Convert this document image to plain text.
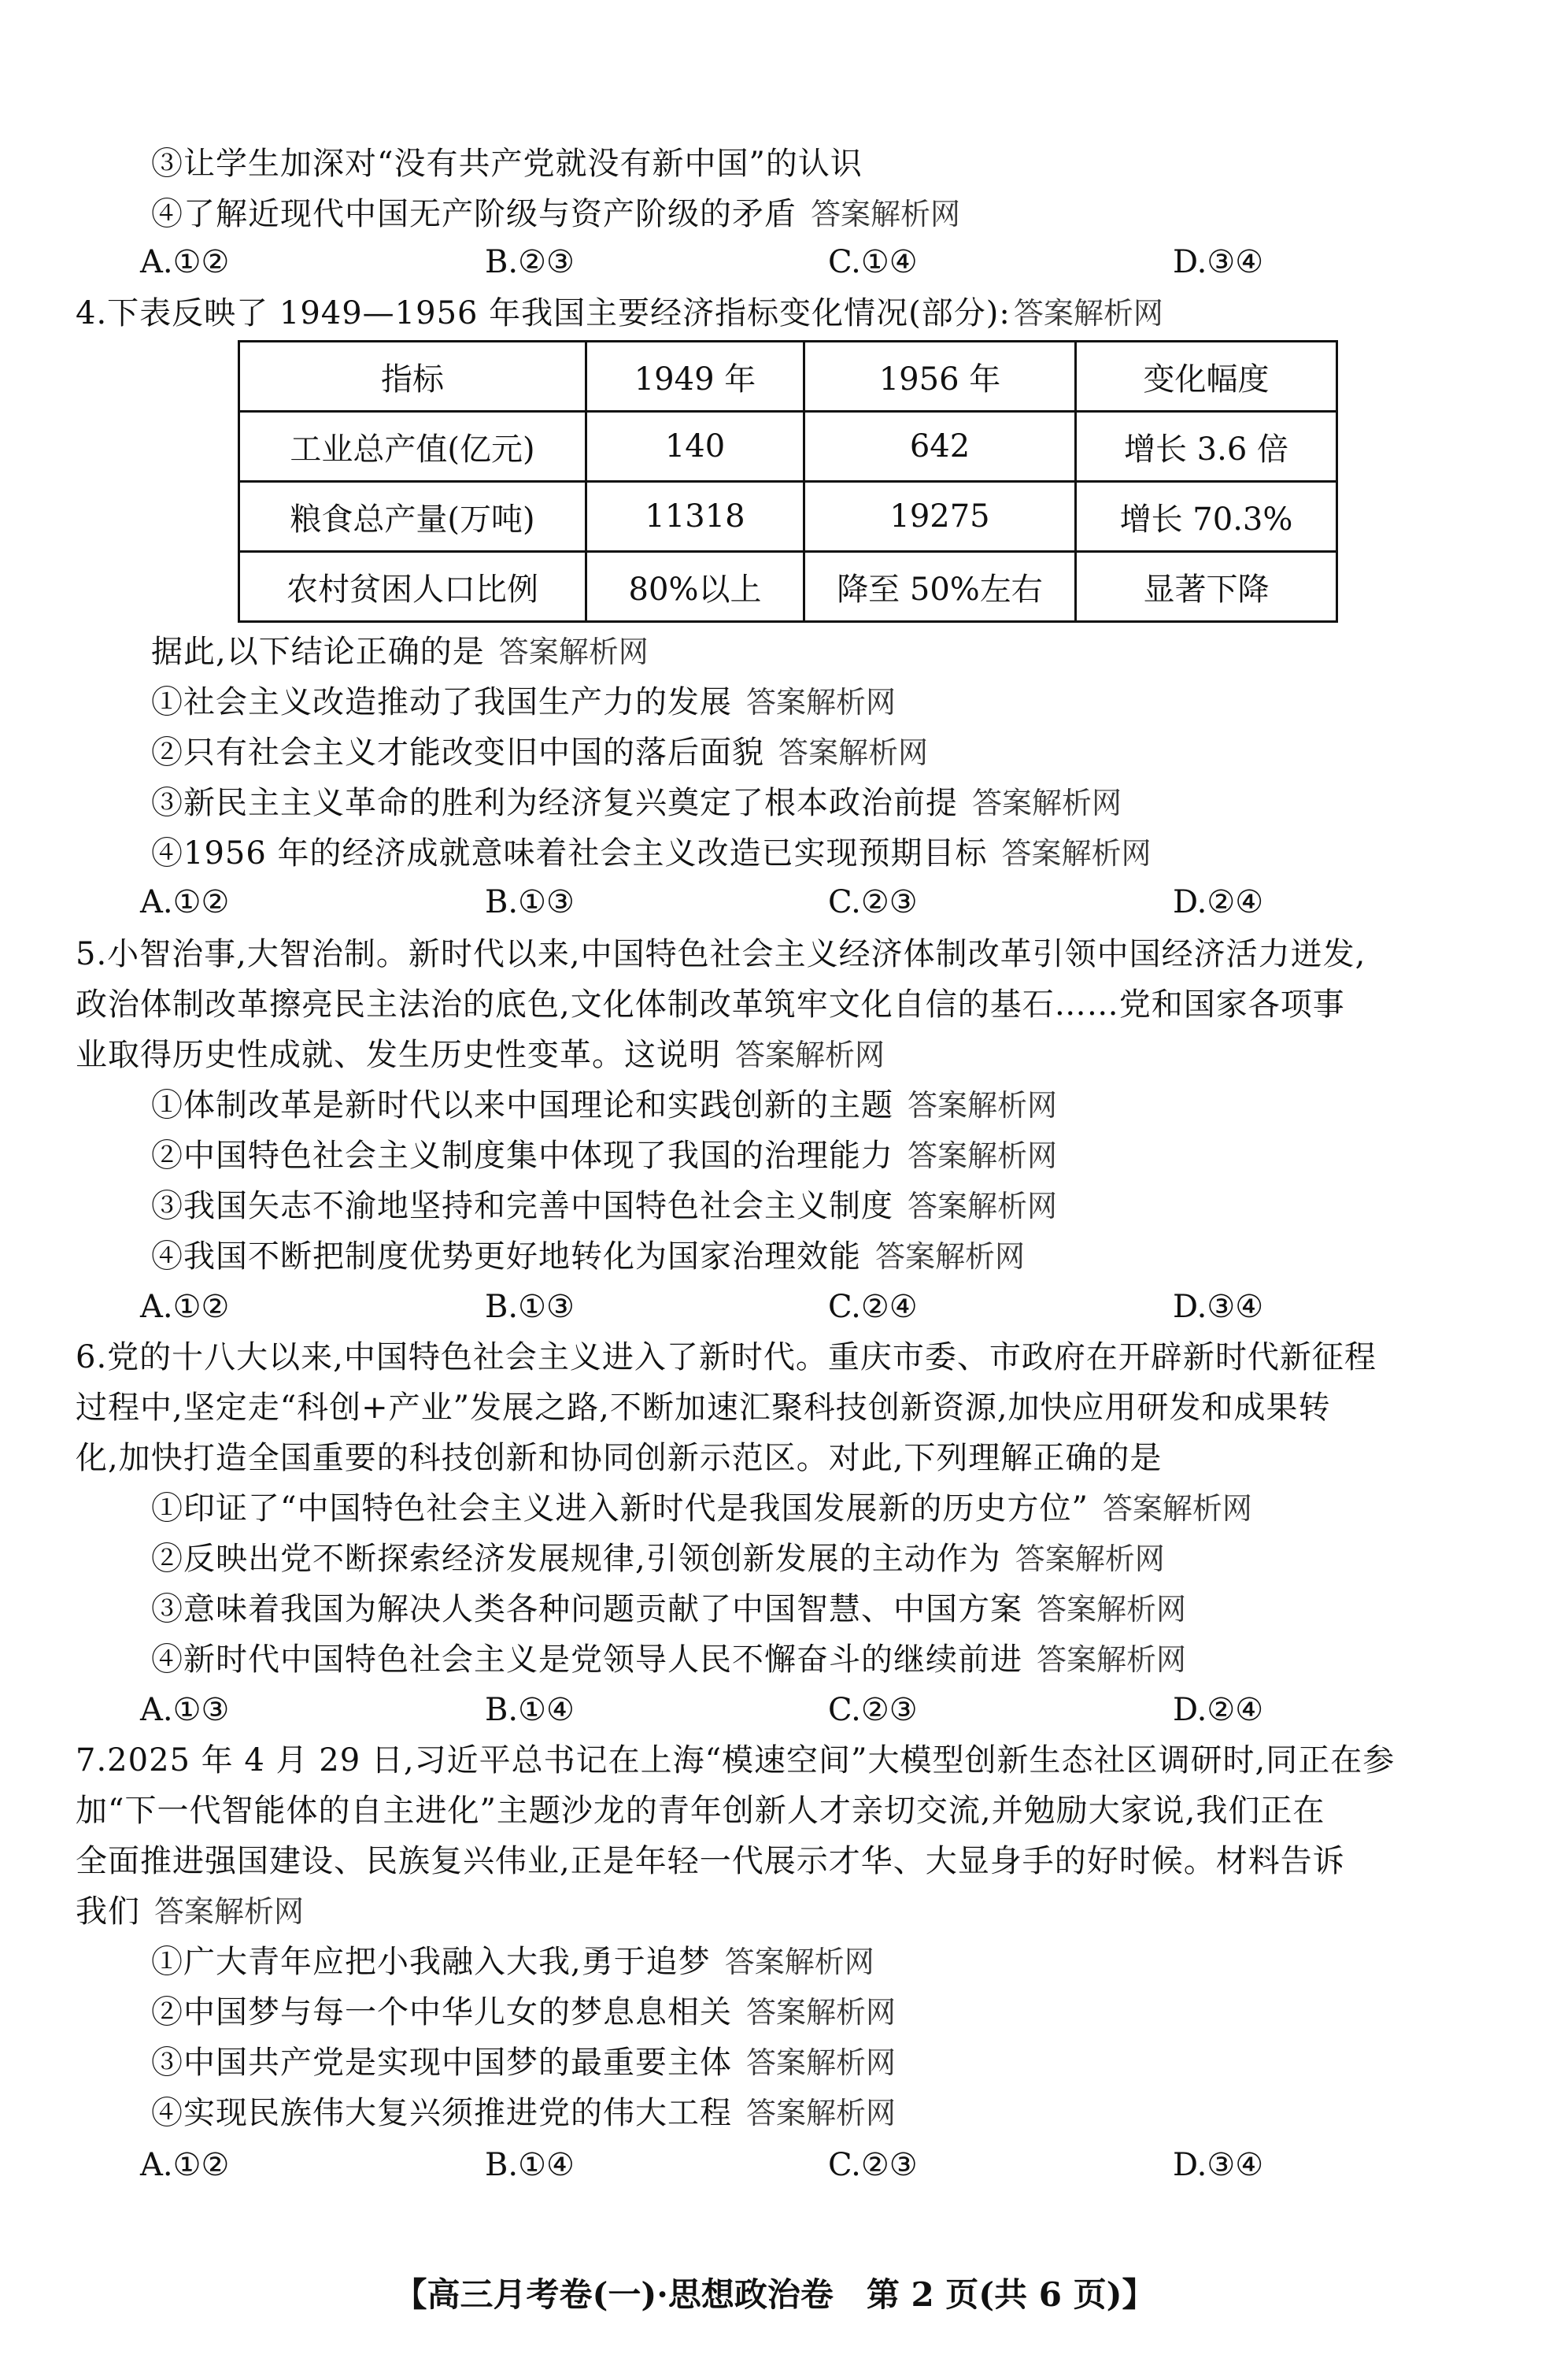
③让学生加深对“没有共产党就没有新中国”的认识
④了解近现代中国无产阶级与资产阶级的矛盾 答案解析网
A.①②	B.②③	C.①④	D.③④
4.下表反映了 1949—1956 年我国主要经济指标变化情况(部分): 答案解析网
指标	1949 年	1956 年	变化幅度
工业总产值(亿元)	140	642	增长 3.6 倍
粮食总产量(万吨)	11318	19275	增长 70.3%
农村贫困人口比例	80%以上	降至 50%左右	显著下降
据此,以下结论正确的是 答案解析网
①社会主义改造推动了我国生产力的发展 答案解析网
②只有社会主义才能改变旧中国的落后面貌 答案解析网
③新民主主义革命的胜利为经济复兴奠定了根本政治前提 答案解析网
④1956 年的经济成就意味着社会主义改造已实现预期目标 答案解析网
A.①②	B.①③	C.②③	D.②④
5.小智治事,大智治制。新时代以来,中国特色社会主义经济体制改革引领中国经济活力迸发,
政治体制改革擦亮民主法治的底色,文化体制改革筑牢文化自信的基石……党和国家各项事
业取得历史性成就、发生历史性变革。这说明 答案解析网
①体制改革是新时代以来中国理论和实践创新的主题 答案解析网
②中国特色社会主义制度集中体现了我国的治理能力 答案解析网
③我国矢志不渝地坚持和完善中国特色社会主义制度 答案解析网
④我国不断把制度优势更好地转化为国家治理效能 答案解析网
A.①②	B.①③	C.②④	D.③④
6.党的十八大以来,中国特色社会主义进入了新时代。重庆市委、市政府在开辟新时代新征程
过程中,坚定走“科创+产业”发展之路,不断加速汇聚科技创新资源,加快应用研发和成果转
化,加快打造全国重要的科技创新和协同创新示范区。对此,下列理解正确的是
①印证了“中国特色社会主义进入新时代是我国发展新的历史方位” 答案解析网
②反映出党不断探索经济发展规律,引领创新发展的主动作为 答案解析网
③意味着我国为解决人类各种问题贡献了中国智慧、中国方案 答案解析网
④新时代中国特色社会主义是党领导人民不懈奋斗的继续前进 答案解析网
A.①③	B.①④	C.②③	D.②④
7.2025 年 4 月 29 日,习近平总书记在上海“模速空间”大模型创新生态社区调研时,同正在参
加“下一代智能体的自主进化”主题沙龙的青年创新人才亲切交流,并勉励大家说,我们正在
全面推进强国建设、民族复兴伟业,正是年轻一代展示才华、大显身手的好时候。材料告诉
我们 答案解析网
①广大青年应把小我融入大我,勇于追梦 答案解析网
②中国梦与每一个中华儿女的梦息息相关 答案解析网
③中国共产党是实现中国梦的最重要主体 答案解析网
④实现民族伟大复兴须推进党的伟大工程 答案解析网
A.①②	B.①④	C.②③	D.③④
【高三月考卷(一)·思想政治卷　第 2 页(共 6 页)】
